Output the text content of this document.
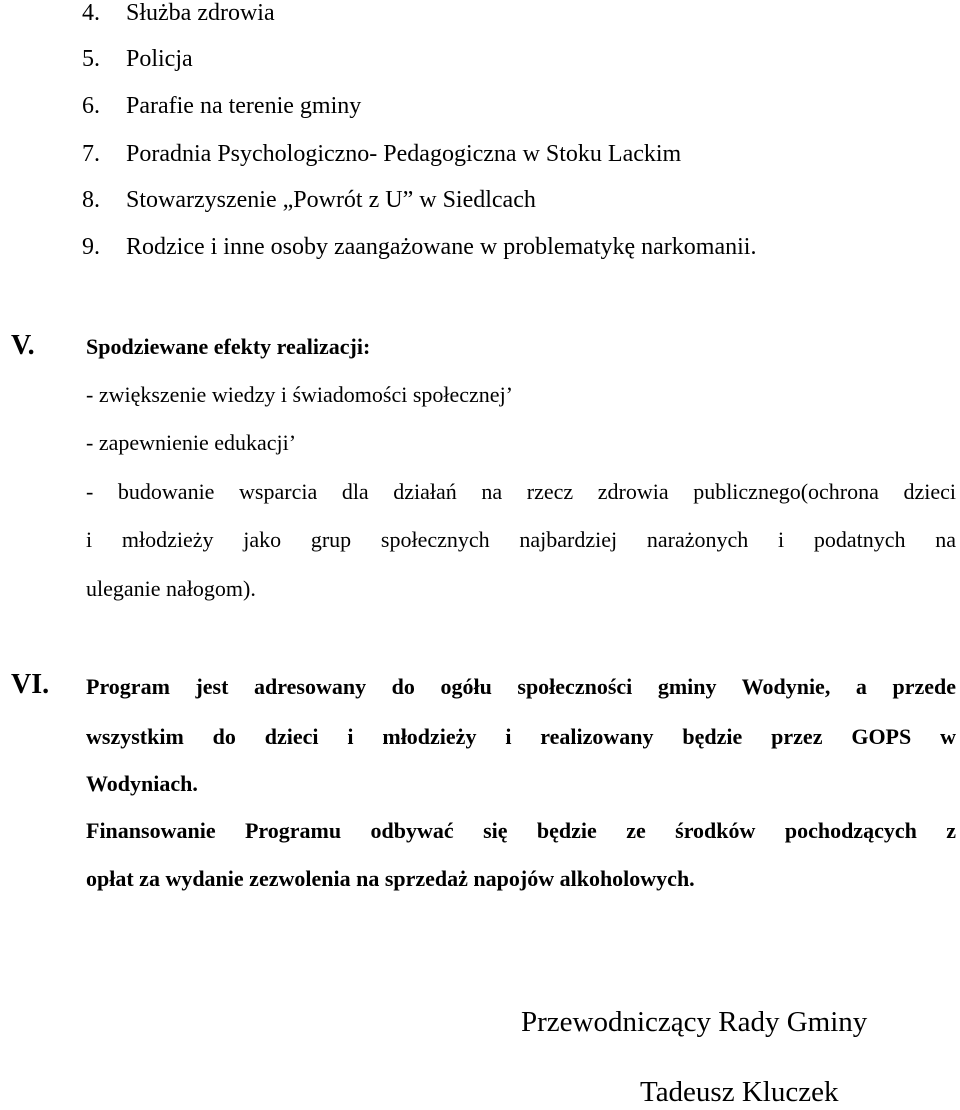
4.	Służba zdrowia
5.	Policja
6.	Parafie na terenie gminy
7.	Poradnia Psychologiczno- Pedagogiczna w Stoku Lackim
8.	Stowarzyszenie „Powrót z U” w Siedlcach
9.	Rodzice i inne osoby zaangażowane w problematykę narkomanii.
V. Spodziewane efekty realizacji:
- zwiększenie wiedzy i świadomości społecznej’
- zapewnienie edukacji’
- budowanie wsparcia dla działań na rzecz zdrowia publicznego(ochrona dzieci
i młodzieży jako grup społecznych najbardziej narażonych i podatnych na
uleganie nałogom).
VI. Program jest adresowany do ogółu społeczności gminy Wodynie, a przede
wszystkim do dzieci i młodzieży i realizowany będzie przez GOPS w
Wodyniach.
Finansowanie Programu odbywać się będzie ze środków pochodzących z
opłat za wydanie zezwolenia na sprzedaż napojów alkoholowych.
Przewodniczący Rady Gminy
Tadeusz Kluczek
